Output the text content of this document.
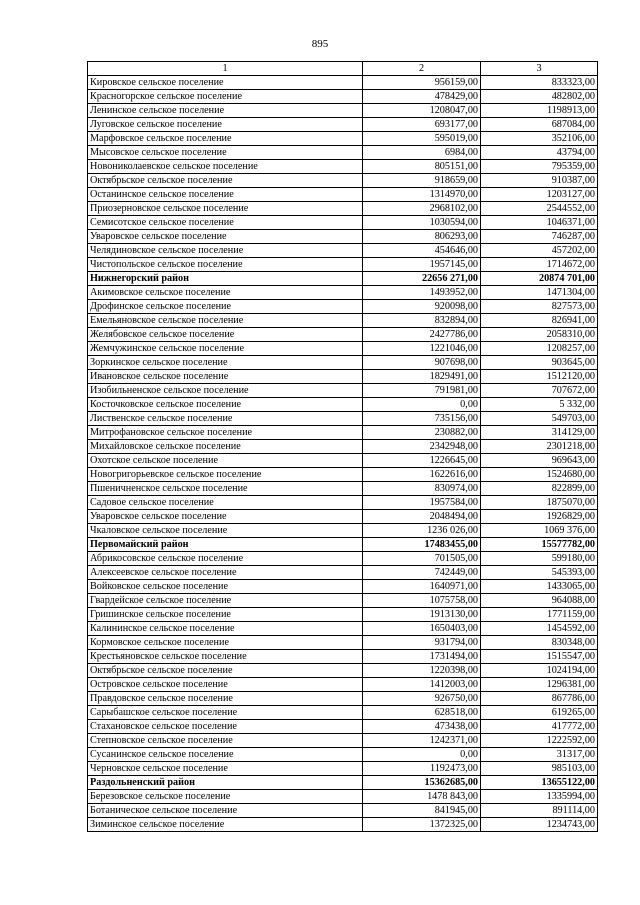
895
1	2	3
Кировское сельское поселение	956159,00	833323,00
Красногорское сельское поселение	478429,00	482802,00
Ленинское сельское поселение	1208047,00	1198913,00
Луговское сельское поселение	693177,00	687084,00
Марфовское сельское поселение	595019,00	352106,00
Мысовское сельское поселение	6984,00	43794,00
Новониколаевское сельское поселение	805151,00	795359,00
Октябрьское сельское поселение	918659,00	910387,00
Останинское сельское поселение	1314970,00	1203127,00
Приозерновское сельское поселение	2968102,00	2544552,00
Семисотское сельское поселение	1030594,00	1046371,00
Уваровское сельское поселение	806293,00	746287,00
Челядиновское сельское поселение	454646,00	457202,00
Чистопольское сельское поселение	1957145,00	1714672,00
Нижнегорский район	22656 271,00	20874 701,00
Акимовское сельское поселение	1493952,00	1471304,00
Дрофинское сельское поселение	920098,00	827573,00
Емельяновское сельское поселение	832894,00	826941,00
Желябовское сельское поселение	2427786,00	2058310,00
Жемчужинское сельское поселение	1221046,00	1208257,00
Зоркинское сельское поселение	907698,00	903645,00
Ивановское сельское поселение	1829491,00	1512120,00
Изобильненское сельское поселение	791981,00	707672,00
Косточковское сельское поселение	0,00	5 332,00
Лиственское сельское поселение	735156,00	549703,00
Митрофановское сельское поселение	230882,00	314129,00
Михайловское сельское поселение	2342948,00	2301218,00
Охотское сельское поселение	1226645,00	969643,00
Новогригорьевское сельское поселение	1622616,00	1524680,00
Пшеничненское сельское поселение	830974,00	822899,00
Садовое сельское поселение	1957584,00	1875070,00
Уваровское сельское поселение	2048494,00	1926829,00
Чкаловское сельское поселение	1236 026,00	1069 376,00
Первомайский район	17483455,00	15577782,00
Абрикосовское сельское поселение	701505,00	599180,00
Алексеевское сельское поселение	742449,00	545393,00
Войковское сельское поселение	1640971,00	1433065,00
Гвардейское сельское поселение	1075758,00	964088,00
Гришинское сельское поселение	1913130,00	1771159,00
Калининское сельское поселение	1650403,00	1454592,00
Кормовское сельское поселение	931794,00	830348,00
Крестьяновское сельское поселение	1731494,00	1515547,00
Октябрьское сельское поселение	1220398,00	1024194,00
Островское сельское поселение	1412003,00	1296381,00
Правдовское сельское поселение	926750,00	867786,00
Сарыбашское сельское поселение	628518,00	619265,00
Стахановское сельское поселение	473438,00	417772,00
Степновское сельское поселение	1242371,00	1222592,00
Сусанинское сельское поселение	0,00	31317,00
Черновское сельское поселение	1192473,00	985103,00
Раздольненский район	15362685,00	13655122,00
Березовское сельское поселение	1478 843,00	1335994,00
Ботаническое сельское поселение	841945,00	891114,00
Зиминское сельское поселение	1372325,00	1234743,00
